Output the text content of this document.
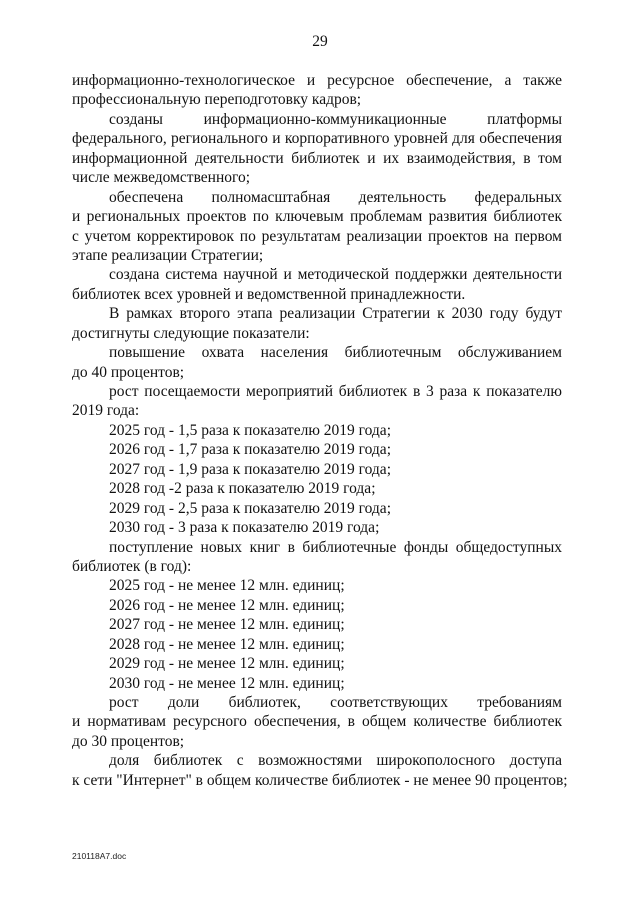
29
информационно-технологическое и ресурсное обеспечение, а также
профессиональную переподготовку кадров;
созданы информационно-коммуникационные платформы
федерального, регионального и корпоративного уровней для обеспечения
информационной деятельности библиотек и их взаимодействия, в том
числе межведомственного;
обеспечена полномасштабная деятельность федеральных
и региональных проектов по ключевым проблемам развития библиотек
с учетом корректировок по результатам реализации проектов на первом
этапе реализации Стратегии;
создана система научной и методической поддержки деятельности
библиотек всех уровней и ведомственной принадлежности.
В рамках второго этапа реализации Стратегии к 2030 году будут
достигнуты следующие показатели:
повышение охвата населения библиотечным обслуживанием
до 40 процентов;
рост посещаемости мероприятий библиотек в 3 раза к показателю
2019 года:
2025 год - 1,5 раза к показателю 2019 года;
2026 год - 1,7 раза к показателю 2019 года;
2027 год - 1,9 раза к показателю 2019 года;
2028 год -2 раза к показателю 2019 года;
2029 год - 2,5 раза к показателю 2019 года;
2030 год - 3 раза к показателю 2019 года;
поступление новых книг в библиотечные фонды общедоступных
библиотек (в год):
2025 год - не менее 12 млн. единиц;
2026 год - не менее 12 млн. единиц;
2027 год - не менее 12 млн. единиц;
2028 год - не менее 12 млн. единиц;
2029 год - не менее 12 млн. единиц;
2030 год - не менее 12 млн. единиц;
рост доли библиотек, соответствующих требованиям
и нормативам ресурсного обеспечения, в общем количестве библиотек
до 30 процентов;
доля библиотек с возможностями широкополосного доступа
к сети "Интернет" в общем количестве библиотек - не менее 90 процентов;
210118A7.doc
